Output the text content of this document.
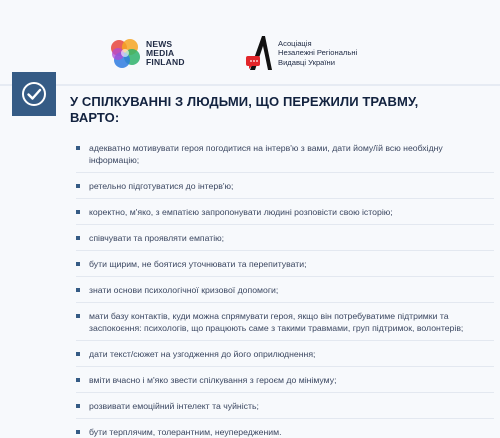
NEWS
MEDIA
FINLAND
Асоціація
Незалежні Регіональні
Видавці України
У СПІЛКУВАННІ З ЛЮДЬМИ, ЩО ПЕРЕЖИЛИ ТРАВМУ, ВАРТО:
адекватно мотивувати героя погодитися на інтерв'ю з вами, дати йому/їй всю необхідну інформацію;
ретельно підготуватися до інтерв'ю;
коректно, м'яко, з емпатією запропонувати людині розповісти свою історію;
співчувати та проявляти емпатію;
бути щирим, не боятися уточнювати та перепитувати;
знати основи психологічної кризової допомоги;
мати базу контактів, куди можна спрямувати героя, якщо він потребуватиме підтримки та заспокоєння: психологів, що працюють саме з такими травмами, груп підтримок, волонтерів;
дати текст/сюжет на узгодження до його оприлюднення;
вміти вчасно і м'яко звести спілкування з героєм до мінімуму;
розвивати емоційний інтелект та чуйність;
бути терплячим, толерантним, неупередженим.
